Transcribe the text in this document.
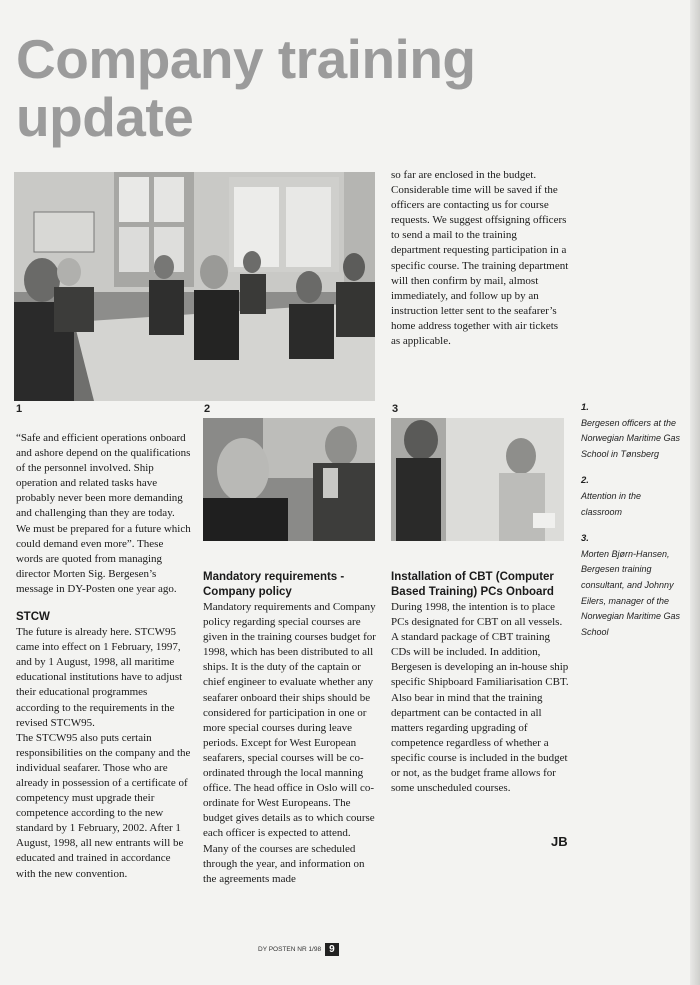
Company training update
1	2	3

“Safe and efficient operations onboard and ashore depend on the qualifications of the personnel involved. Ship operation and related tasks have probably never been more demanding and challenging than they are today. We must be prepared for a future which could demand even more”. These words are quoted from managing director Morten Sig. Bergesen’s message in DY-Posten one year ago.

STCW

The future is already here. STCW95 came into effect on 1 February, 1997, and by 1 August, 1998, all maritime educational institutions have to adjust their educational programmes according to the requirements in the revised STCW95.

The STCW95 also puts certain responsibilities on the company and the individual seafarer. Those who are already in possession of a certificate of competency must upgrade their competence according to the new standard by 1 February, 2002. After 1 August, 1998, all new entrants will be educated and trained in accordance with the new convention.

so far are enclosed in the budget. Considerable time will be saved if the officers are contacting us for course requests. We suggest offsigning officers to send a mail to the training department requesting participation in a specific course. The training department will then confirm by mail, almost immediately, and follow up by an instruction letter sent to the seafarer’s home address together with air tickets as applicable.

Mandatory requirements - Company policy

Mandatory requirements and Company policy regarding special courses are given in the training courses budget for 1998, which has been distributed to all ships. It is the duty of the captain or chief engineer to evaluate whether any seafarer onboard their ships should be considered for participation in one or more special courses during leave periods. Except for West European seafarers, special courses will be co-ordinated through the local manning office. The head office in Oslo will co-ordinate for West Europeans. The budget gives details as to which course each officer is expected to attend. Many of the courses are scheduled through the year, and information on the agreements made

Installation of CBT (Computer Based Training) PCs Onboard

During 1998, the intention is to place PCs designated for CBT on all vessels. A standard package of CBT training CDs will be included. In addition, Bergesen is developing an in-house ship specific Shipboard Familiarisation CBT.

Also bear in mind that the training department can be contacted in all matters regarding upgrading of competence regardless of whether a specific course is included in the budget or not, as the budget frame allows for some unscheduled courses.

JB
1.
Bergesen officers at the Norwegian Maritime Gas School in Tønsberg
2.
Attention in the classroom
3.
Morten Bjørn-Hansen, Bergesen training consultant, and Johnny Eilers, manager of the Norwegian Maritime Gas School
DY POSTEN NR 1/98 9
